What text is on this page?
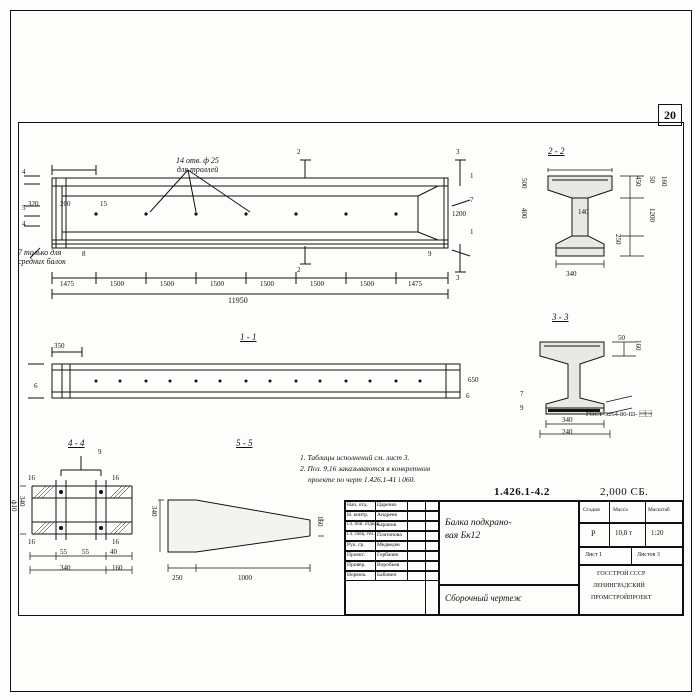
20
14 отв. ф 25
для троллей
7 только для
средних балок
320	200	15
1200
7
9
8
4
5
4
2
2
3
3
1
1
1475	1500	1500	1500	1500	1500	1500	1475
11950
1 - 1
350
650
6
6
2 - 2
500
400	140
250
450 50 160
1200
340
3 - 3
50
160
7
9
340
240
ГОСТ-5264-80-Ш- 
4 - 4
16	16
16	16
340
ф10
9
55 55	40
340	160
5 - 5
340
160
250	1000
1. Таблицы исполнений см. лист 3.
2. Поз. 9,16 заказываются в конкретном
проекте по черт 1.426.1-41 і 060.
1.426.1-4.2	2,000 СБ.
Нач. отд. Царenко
Н. контр. Андреев
Гл. пои. отдела
Баранов
Гл. спец. тех. Платонова
Рук. гр. Медведев
Проект. Горбачев
Провер. Воробьев
Нормок. Бабович
Балка подкрано-
вая Бк12
Сборочный чертеж
Стадия Масса	Масштаб
Р	10,8 т	1:20
Лист 1	Листов 3
ГОССТРОЙ СССР
ЛЕНИНГРАДСКИЙ
ПРОМСТРОЙПРОЕКТ
